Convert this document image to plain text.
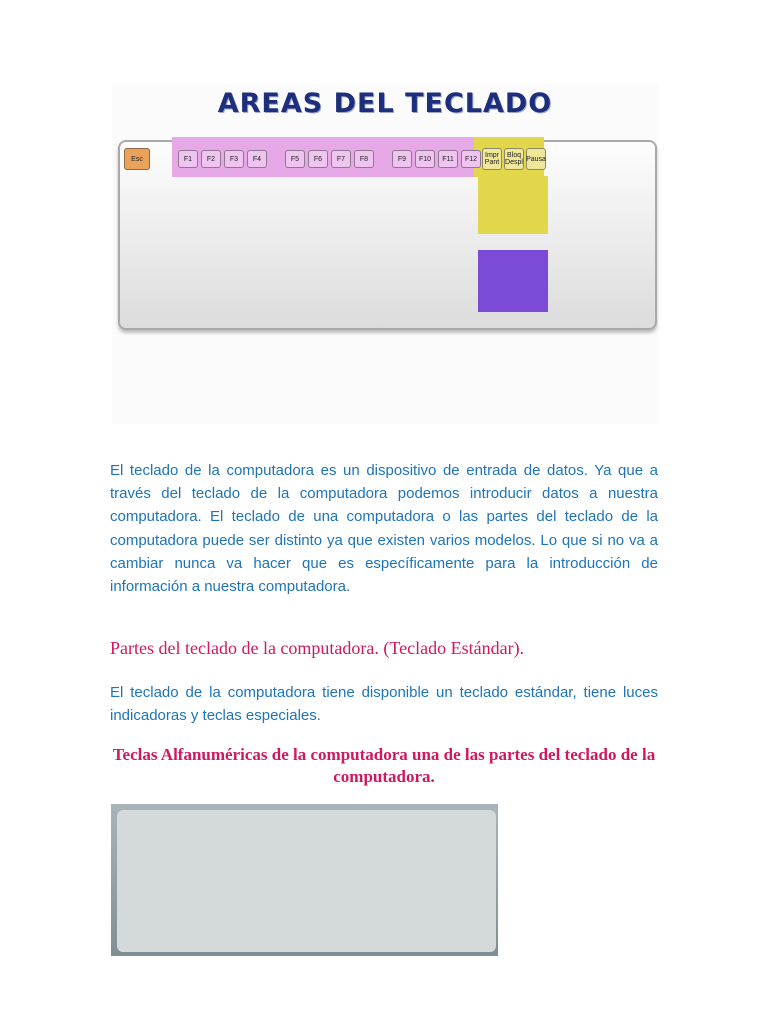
AREAS DEL TECLADO
Esc	F1	F2	F3	F4	F5	F6	F7	F8	F9	F10	F11	F12	Impr Pant
Bloq Despl Pausa

El teclado de la computadora es un dispositivo de entrada de datos. Ya que a través del teclado de la computadora podemos introducir datos a nuestra computadora. El teclado de una computadora o las partes del teclado de la computadora puede ser distinto ya que existen varios modelos. Lo que si no va a cambiar nunca va hacer que es específicamente para la introducción de información a nuestra computadora.

Partes del teclado de la computadora. (Teclado Estándar).

El teclado de la computadora tiene disponible un teclado estándar, tiene luces indicadoras y teclas especiales.

Teclas Alfanuméricas de la computadora una de las partes del teclado de la computadora.
